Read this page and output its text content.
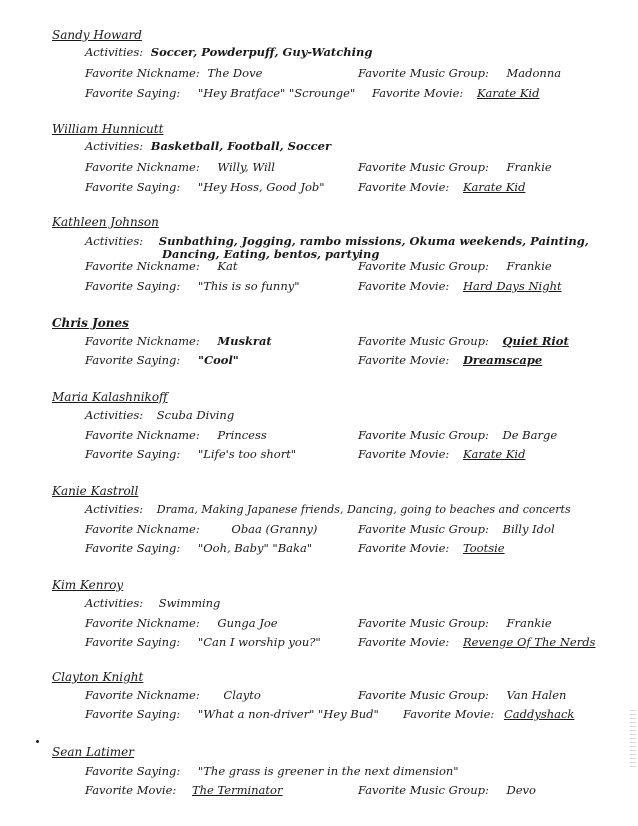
Sandy Howard
Activities: Soccer, Powderpuff, Guy-Watching
Favorite Nickname: The Dove	Favorite Music Group: Madonna
Favorite Saying: "Hey Bratface" "Scrounge" Favorite Movie: Karate Kid
William Hunnicutt
Activities: Basketball, Football, Soccer
Favorite Nickname: Willy, Will	Favorite Music Group: Frankie
Favorite Saying: "Hey Hoss, Good Job"	Favorite Movie: Karate Kid
Kathleen Johnson
Activities: Sunbathing, Jogging, rambo missions, Okuma weekends, Painting,
Dancing, Eating, bentos, partying
Favorite Nickname: Kat	Favorite Music Group: Frankie
Favorite Saying: "This is so funny"	Favorite Movie: Hard Days Night
Chris Jones
Favorite Nickname: Muskrat	Favorite Music Group: Quiet Riot
Favorite Saying: "Cool"	Favorite Movie: Dreamscape
Maria Kalashnikoff
Activities: Scuba Diving
Favorite Nickname: Princess	Favorite Music Group: De Barge
Favorite Saying: "Life's too short"	Favorite Movie: Karate Kid
Kanie Kastroll
Activities: Drama, Making Japanese friends, Dancing, going to beaches and concerts
Favorite Nickname:	Obaa (Granny)	Favorite Music Group: Billy Idol
Favorite Saying: "Ooh, Baby" "Baka"	Favorite Movie: Tootsie
Kim Kenroy
Activities: Swimming
Favorite Nickname: Gunga Joe	Favorite Music Group: Frankie
Favorite Saying: "Can I worship you?"	Favorite Movie: Revenge Of The Nerds
Clayton Knight
Favorite Nickname: Clayto	Favorite Music Group: Van Halen
Favorite Saying: "What a non-driver" "Hey Bud" Favorite Movie: Caddyshack
Sean Latimer
Favorite Saying: "The grass is greener in the next dimension"
Favorite Movie: The Terminator	Favorite Music Group: Devo
